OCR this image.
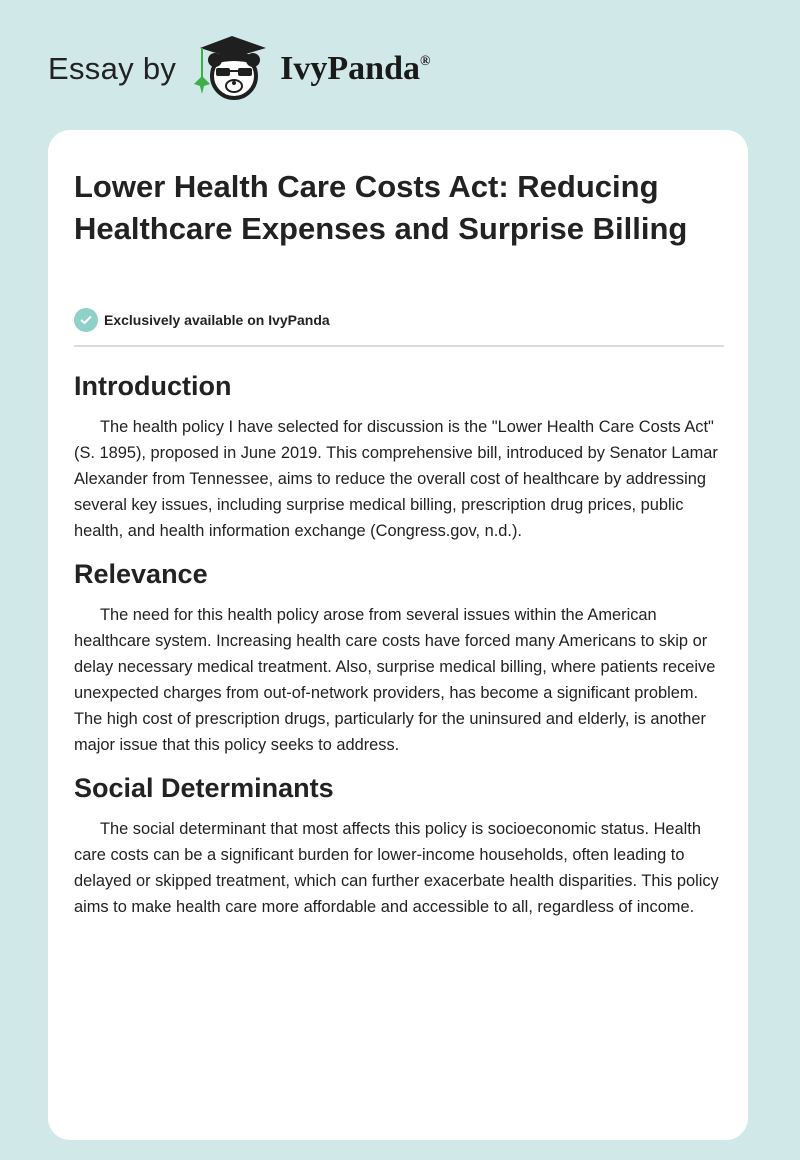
Essay by	IvyPanda®
Lower Health Care Costs Act: Reducing Healthcare Expenses and Surprise Billing
Exclusively available on IvyPanda
Introduction

The health policy I have selected for discussion is the "Lower Health Care Costs Act" (S. 1895), proposed in June 2019. This comprehensive bill, introduced by Senator Lamar Alexander from Tennessee, aims to reduce the overall cost of healthcare by addressing several key issues, including surprise medical billing, prescription drug prices, public health, and health information exchange (Congress.gov, n.d.).

Relevance

The need for this health policy arose from several issues within the American healthcare system. Increasing health care costs have forced many Americans to skip or delay necessary medical treatment. Also, surprise medical billing, where patients receive unexpected charges from out-of-network providers, has become a significant problem. The high cost of prescription drugs, particularly for the uninsured and elderly, is another major issue that this policy seeks to address.

Social Determinants

The social determinant that most affects this policy is socioeconomic status. Health care costs can be a significant burden for lower-income households, often leading to delayed or skipped treatment, which can further exacerbate health disparities. This policy aims to make health care more affordable and accessible to all, regardless of income.
